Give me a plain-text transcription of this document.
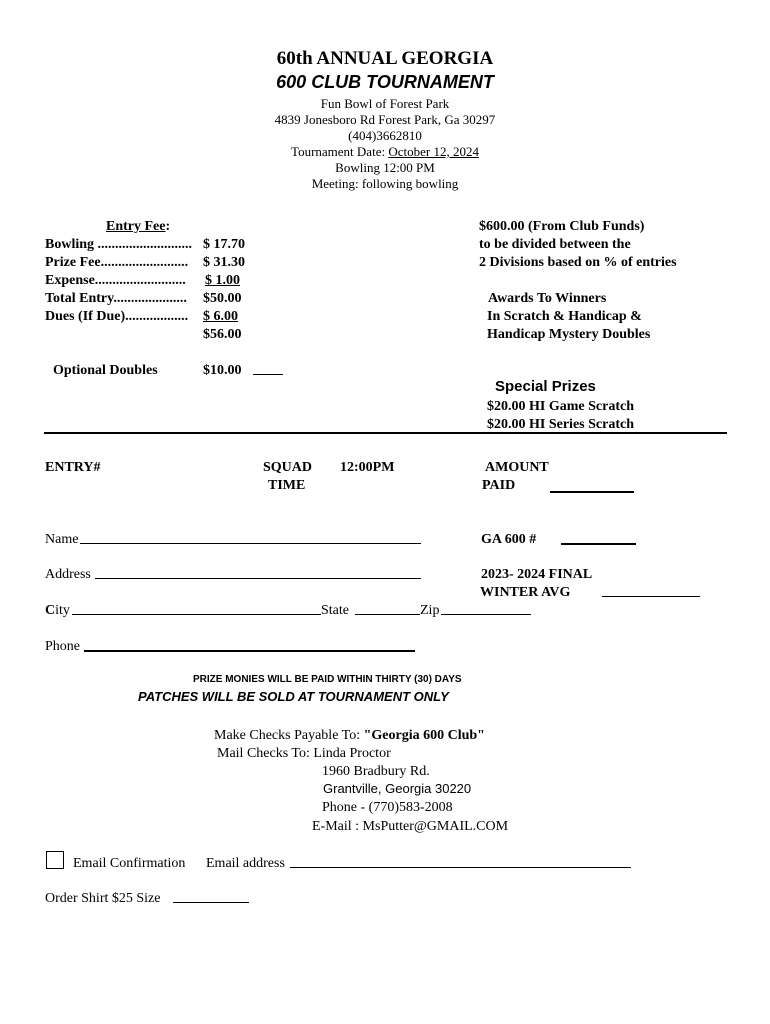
60th ANNUAL GEORGIA
600 CLUB TOURNAMENT
Fun Bowl of Forest Park
4839 Jonesboro Rd Forest Park, Ga 30297
(404)3662810
Tournament Date: October 12, 2024
Bowling 12:00 PM
Meeting: following bowling
Entry Fee:
Bowling ........................... $ 17.70
Prize Fee......................... $ 31.30
Expense.......................... $ 1.00
Total Entry..................... $50.00
Dues (If Due).................. $ 6.00
$56.00
Optional Doubles	$10.00
$600.00 (From Club Funds)
to be divided between the
2 Divisions based on % of entries
Awards To Winners
In Scratch & Handicap &
Handicap Mystery Doubles
Special Prizes
$20.00 HI Game Scratch
$20.00 HI Series Scratch
ENTRY#	SQUAD
TIME
12:00PM	AMOUNT
PAID
Name	GA 600 #
Address	2023- 2024 FINAL
WINTER AVG
City	State	Zip
Phone
PRIZE MONIES WILL BE PAID WITHIN THIRTY (30) DAYS
PATCHES WILL BE SOLD AT TOURNAMENT ONLY
Make Checks Payable To: "Georgia 600 Club"
Mail Checks To: Linda Proctor
1960 Bradbury Rd.
Grantville, Georgia 30220
Phone - (770)583-2008
E-Mail : MsPutter@GMAIL.COM
Email Confirmation Email address
Order Shirt $25 Size
